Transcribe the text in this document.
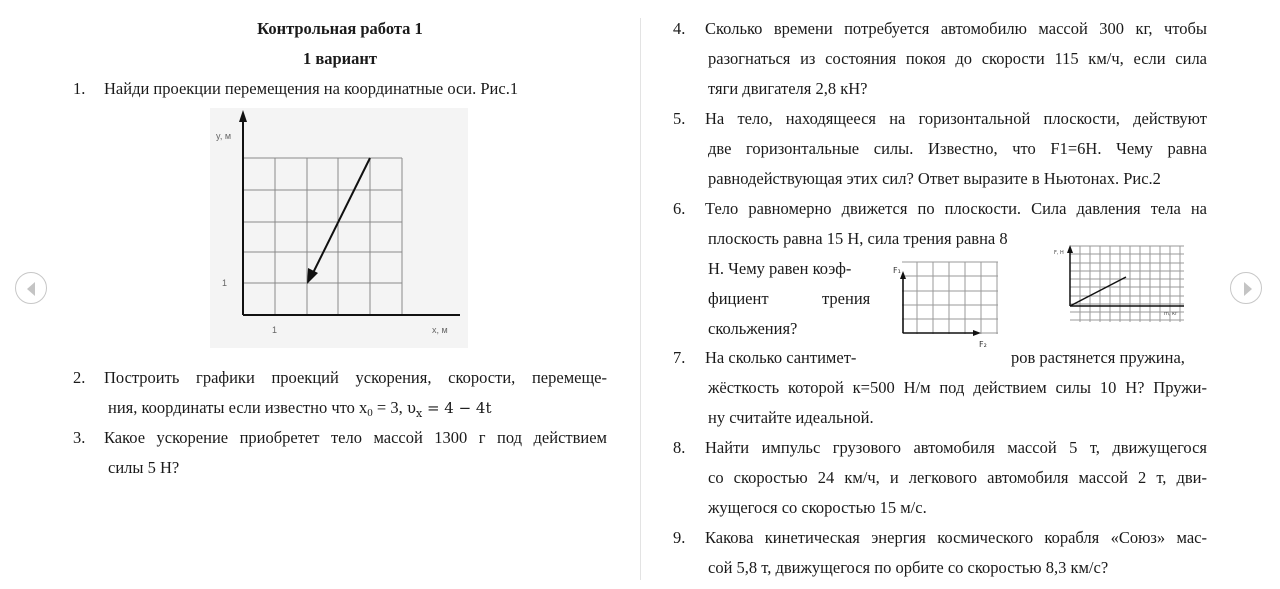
Контрольная работа 1
1 вариант
1. Найди проекции перемещения на координатные оси. Рис.1
y, м
1
1	x, м
2. Построить графики проекций ускорения, скорости, перемеще-
ния, координаты если известно что $x_0 = 3$, $\upsilon_x = 4 - 4t$
3. Какое ускорение приобретет тело массой 1300 г под действием
силы 5 Н?
4. Сколько времени потребуется автомобилю массой 300 кг, чтобы
разогнаться из состояния покоя до скорости 115 км/ч, если сила
тяги двигателя 2,8 кН?
5. На тело, находящееся на горизонтальной плоскости, действуют
две горизонтальные силы. Известно, что F1=6Н. Чему равна
равнодействующая этих сил? Ответ выразите в Ньютонах. Рис.2
6. Тело равномерно движется по плоскости. Сила давления тела на
плоскость равна 15 Н, сила трения равна 8
Н. Чему равен коэф-
фициент	трения
скольжения?
F₁
F₂
F, Н
m, кг
7. На сколько сантимет-	ров растянется пружина,
жёсткость которой к=500 Н/м под действием силы 10 Н? Пружи-
ну считайте идеальной.
8. Найти импульс грузового автомобиля массой 5 т, движущегося
со скоростью 24 км/ч, и легкового автомобиля массой 2 т, дви-
жущегося со скоростью 15 м/с.
9. Какова кинетическая энергия космического корабля «Союз» мас-
сой 5,8 т, движущегося по орбите со скоростью 8,3 км/с?
